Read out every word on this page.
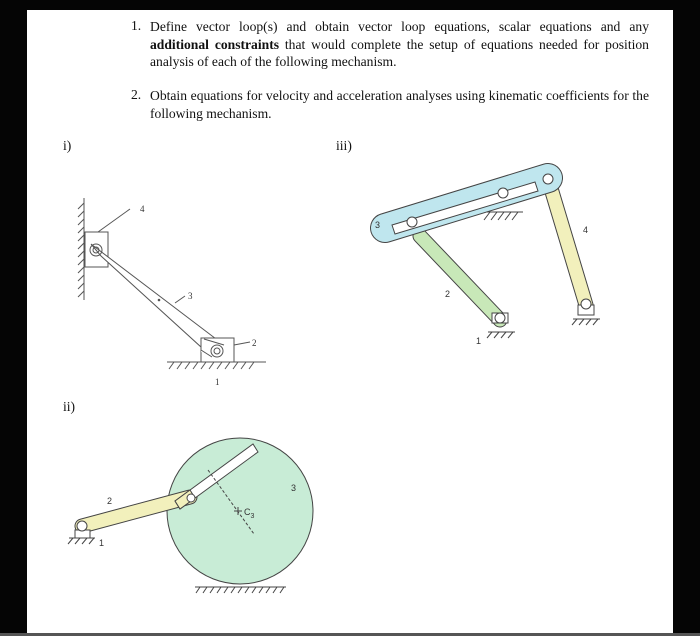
1. Define vector loop(s) and obtain vector loop equations, scalar equations and any additional constraints that would complete the setup of equations needed for position analysis of each of the following mechanism.
2. Obtain equations for velocity and acceleration analyses using kinematic coefficients for the following mechanism.
i)	iii)
ii)
4
3
2
1
3
2
4
1
2
1
3
$C_3$
